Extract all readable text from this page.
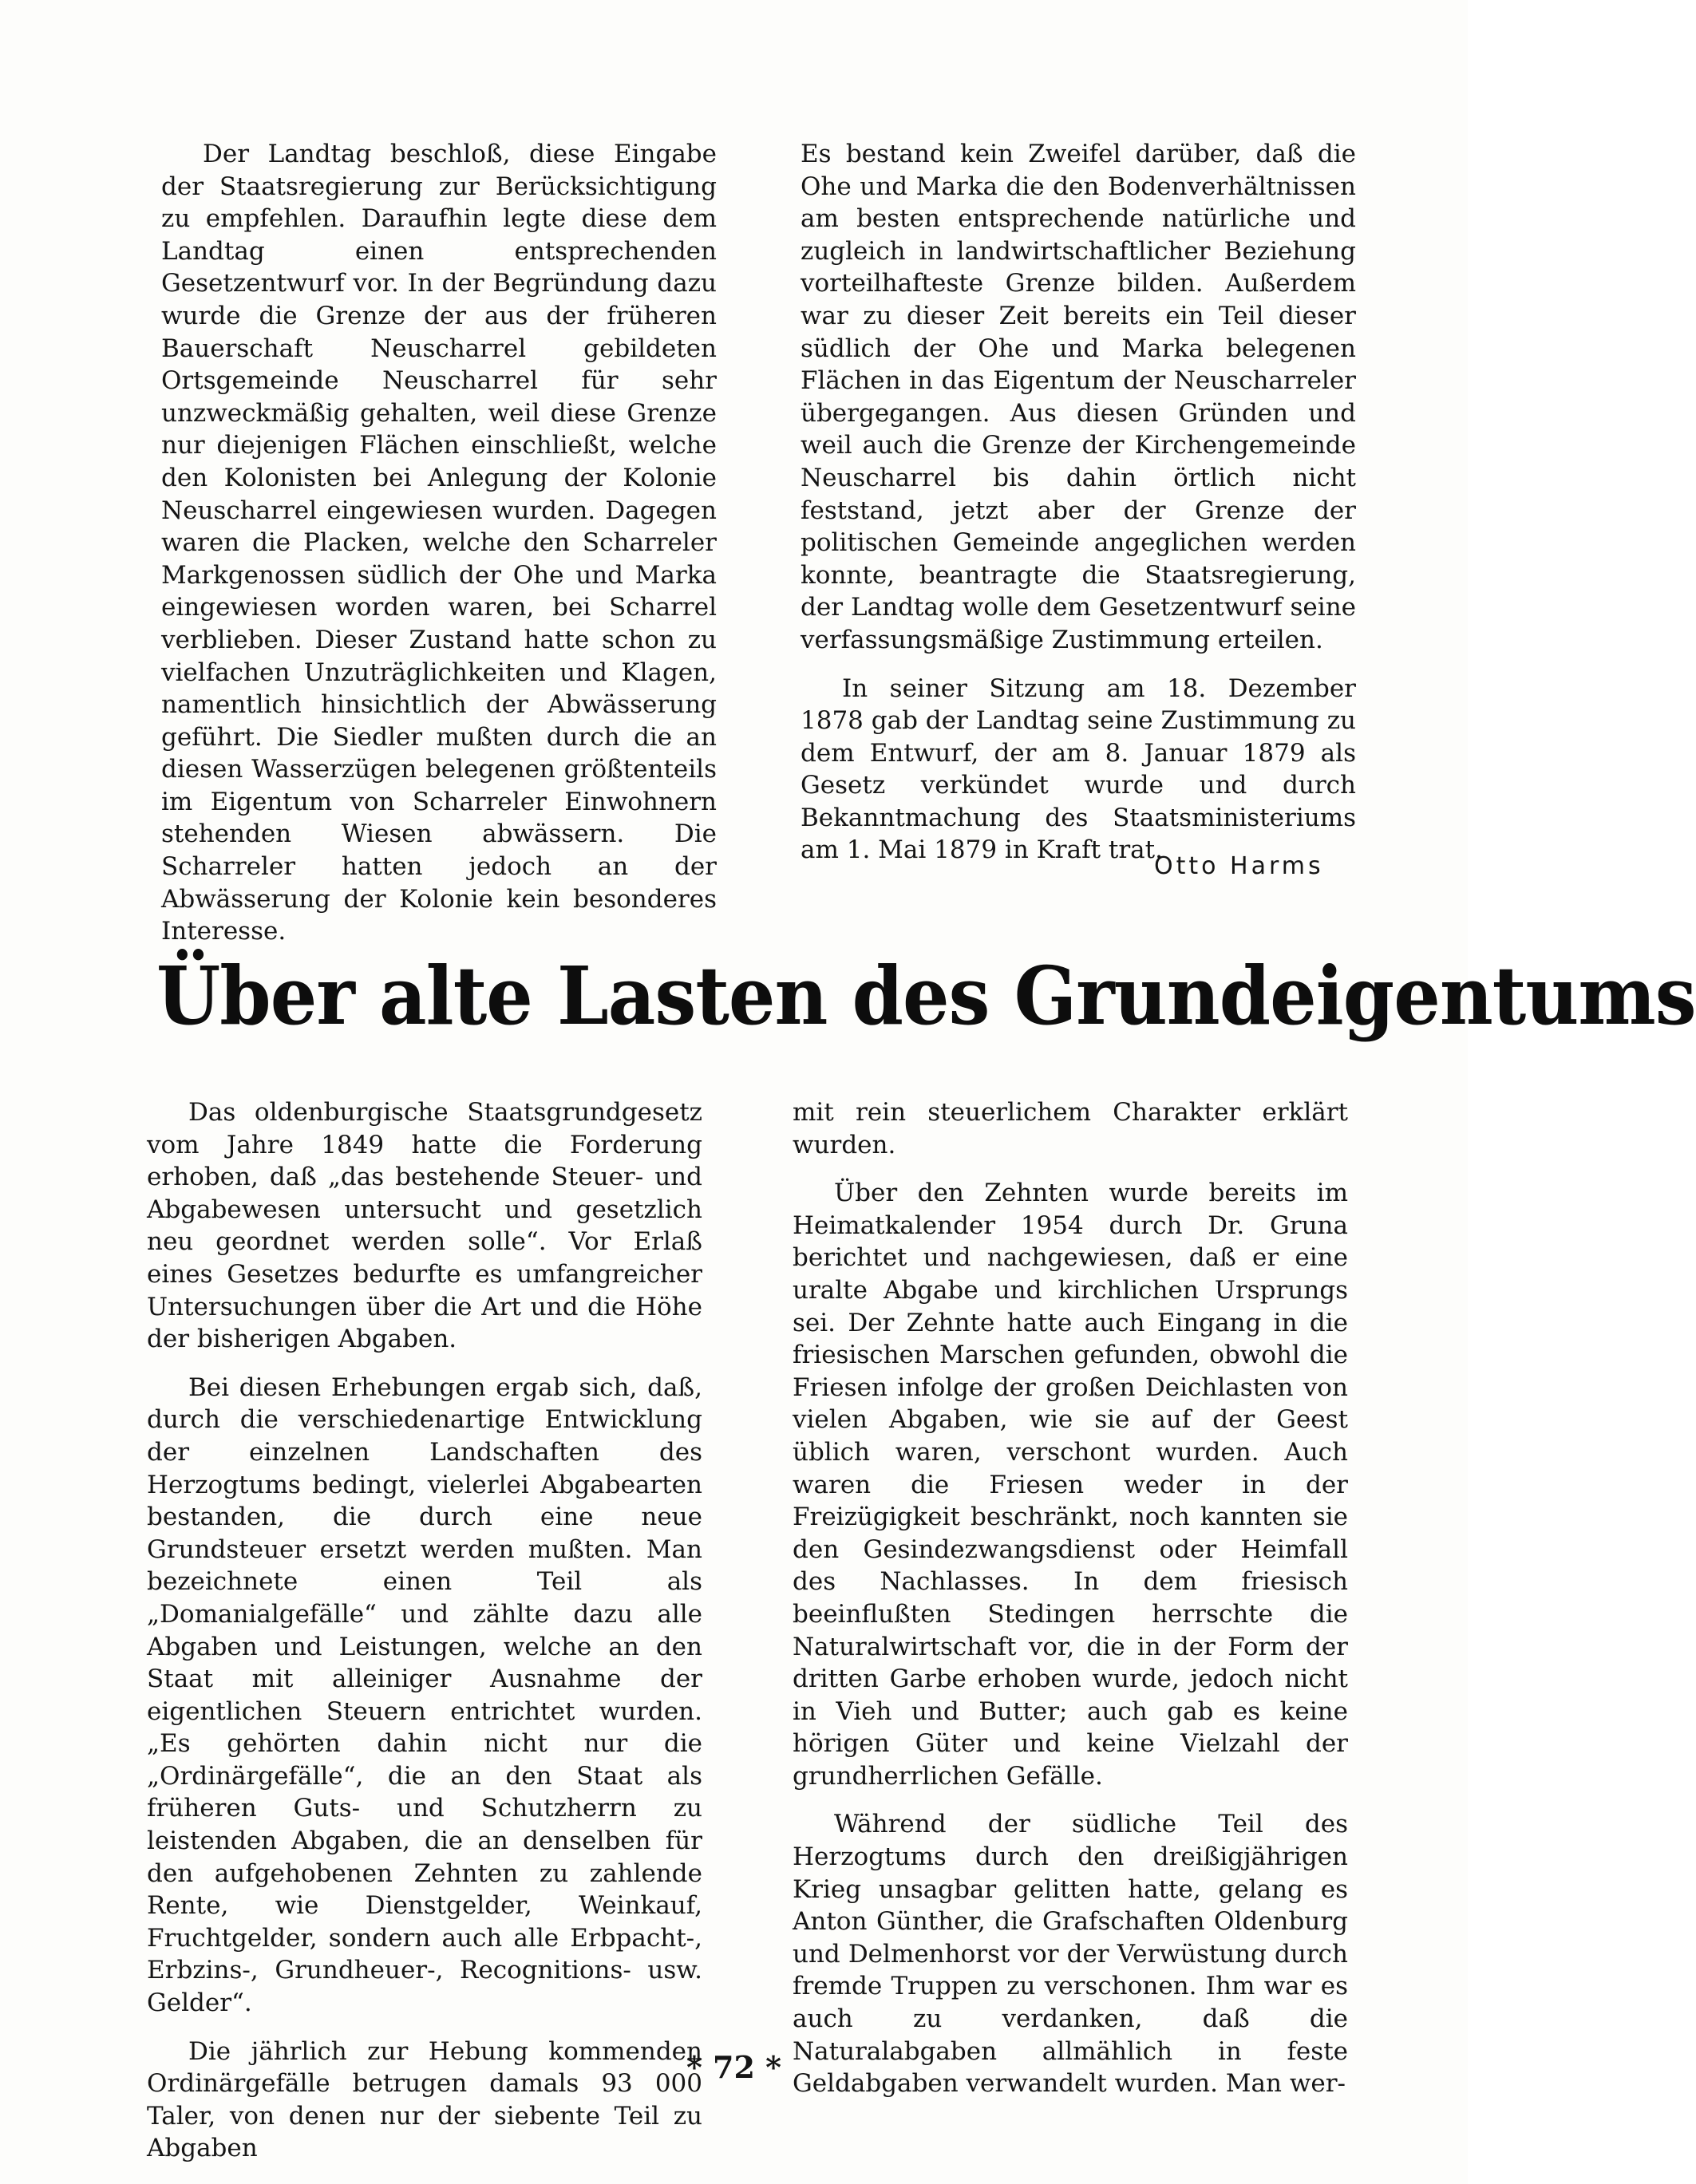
Der Landtag beschloß, diese Eingabe der Staatsregierung zur Berücksichtigung zu empfehlen. Daraufhin legte diese dem Landtag einen entsprechenden Gesetzentwurf vor. In der Begründung dazu wurde die Grenze der aus der früheren Bauerschaft Neuscharrel gebildeten Ortsgemeinde Neuscharrel für sehr unzweckmäßig gehalten, weil diese Grenze nur diejenigen Flächen einschließt, welche den Kolonisten bei Anlegung der Kolonie Neuscharrel eingewiesen wurden. Dagegen waren die Placken, welche den Scharreler Markgenossen südlich der Ohe und Marka eingewiesen worden waren, bei Scharrel verblieben. Dieser Zustand hatte schon zu vielfachen Unzuträglichkeiten und Klagen, namentlich hinsichtlich der Abwässerung geführt. Die Siedler mußten durch die an diesen Wasserzügen belegenen größtenteils im Eigentum von Scharreler Einwohnern stehenden Wiesen abwässern. Die Scharreler hatten jedoch an der Abwässerung der Kolonie kein besonderes Interesse.

Es bestand kein Zweifel darüber, daß die Ohe und Marka die den Bodenverhältnissen am besten entsprechende natürliche und zugleich in landwirtschaftlicher Beziehung vorteilhafteste Grenze bilden. Außerdem war zu dieser Zeit bereits ein Teil dieser südlich der Ohe und Marka belegenen Flächen in das Eigentum der Neuscharreler übergegangen. Aus diesen Gründen und weil auch die Grenze der Kirchengemeinde Neuscharrel bis dahin örtlich nicht feststand, jetzt aber der Grenze der politischen Gemeinde angeglichen werden konnte, beantragte die Staatsregierung, der Landtag wolle dem Gesetzentwurf seine verfassungsmäßige Zustimmung erteilen.

In seiner Sitzung am 18. Dezember 1878 gab der Landtag seine Zustimmung zu dem Entwurf, der am 8. Januar 1879 als Gesetz verkündet wurde und durch Bekanntmachung des Staatsministeriums am 1. Mai 1879 in Kraft trat.

Otto Harms
Über alte Lasten des Grundeigentums

Das oldenburgische Staatsgrundgesetz vom Jahre 1849 hatte die Forderung erhoben, daß „das bestehende Steuer- und Abgabewesen untersucht und gesetzlich neu geordnet werden solle“. Vor Erlaß eines Gesetzes bedurfte es umfangreicher Untersuchungen über die Art und die Höhe der bisherigen Abgaben.

Bei diesen Erhebungen ergab sich, daß, durch die verschiedenartige Entwicklung der einzelnen Landschaften des Herzogtums bedingt, vielerlei Abgabearten bestanden, die durch eine neue Grundsteuer ersetzt werden mußten. Man bezeichnete einen Teil als „Domanialgefälle“ und zählte dazu alle Abgaben und Leistungen, welche an den Staat mit alleiniger Ausnahme der eigentlichen Steuern entrichtet wurden. „Es gehörten dahin nicht nur die „Ordinärgefälle“, die an den Staat als früheren Guts- und Schutzherrn zu leistenden Abgaben, die an denselben für den aufgehobenen Zehnten zu zahlende Rente, wie Dienstgelder, Weinkauf, Fruchtgelder, sondern auch alle Erbpacht-, Erbzins-, Grundheuer-, Recognitions- usw. Gelder“.

Die jährlich zur Hebung kommenden Ordinärgefälle betrugen damals 93 000 Taler, von denen nur der siebente Teil zu Abgaben

mit rein steuerlichem Charakter erklärt wurden.

Über den Zehnten wurde bereits im Heimatkalender 1954 durch Dr. Gruna berichtet und nachgewiesen, daß er eine uralte Abgabe und kirchlichen Ursprungs sei. Der Zehnte hatte auch Eingang in die friesischen Marschen gefunden, obwohl die Friesen infolge der großen Deichlasten von vielen Abgaben, wie sie auf der Geest üblich waren, verschont wurden. Auch waren die Friesen weder in der Freizügigkeit beschränkt, noch kannten sie den Gesindezwangsdienst oder Heimfall des Nachlasses. In dem friesisch beeinflußten Stedingen herrschte die Naturalwirtschaft vor, die in der Form der dritten Garbe erhoben wurde, jedoch nicht in Vieh und Butter; auch gab es keine hörigen Güter und keine Vielzahl der grundherrlichen Gefälle.

Während der südliche Teil des Herzogtums durch den dreißigjährigen Krieg unsagbar gelitten hatte, gelang es Anton Günther, die Grafschaften Oldenburg und Delmenhorst vor der Verwüstung durch fremde Truppen zu verschonen. Ihm war es auch zu verdanken, daß die Naturalabgaben allmählich in feste Geldabgaben verwandelt wurden. Man wer-

* 72 *
